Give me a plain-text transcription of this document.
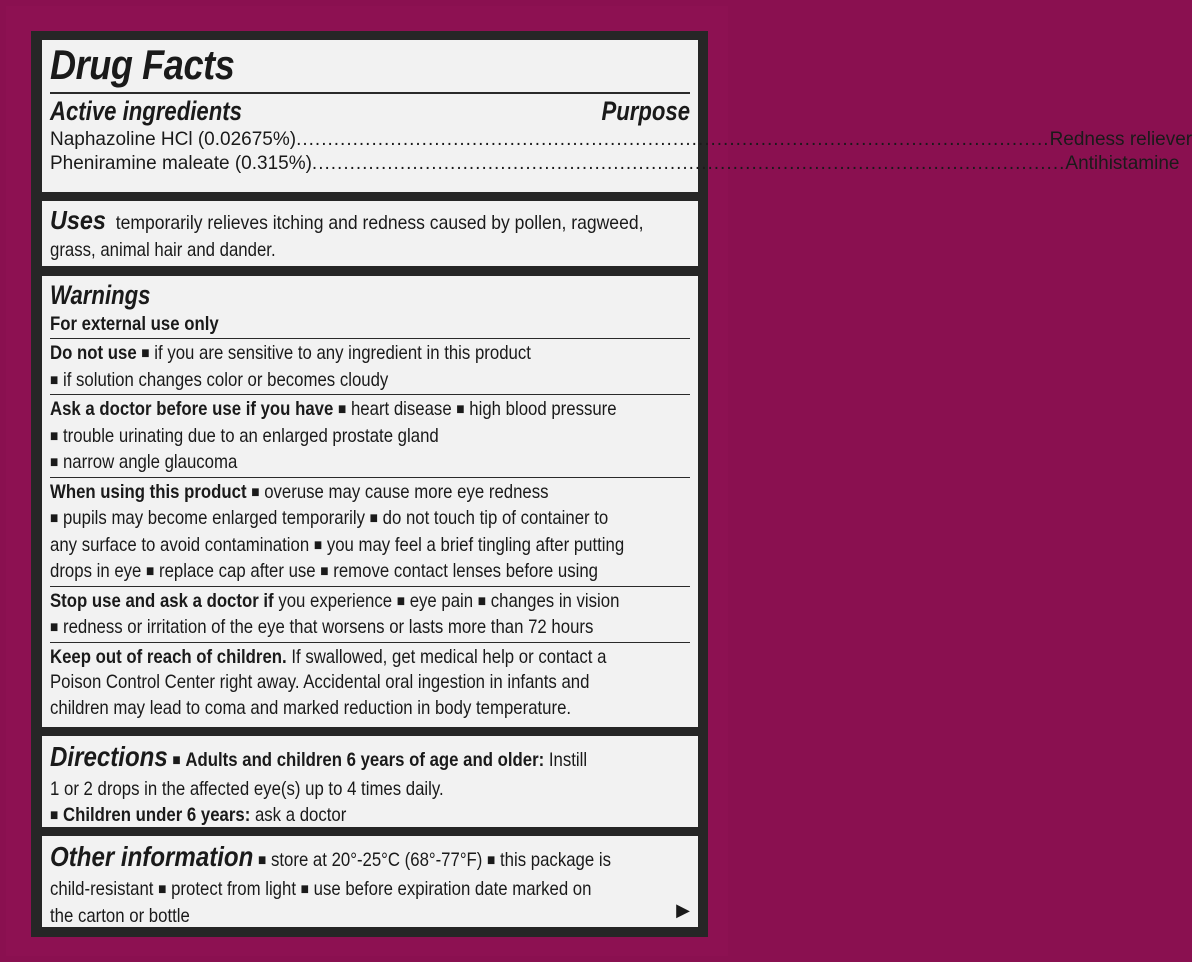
Drug Facts
Active ingredients	Purpose
Naphazoline HCl (0.02675%) ........................................................................................................................ Redness reliever
Pheniramine maleate (0.315%) ........................................................................................................................ Antihistamine
Uses temporarily relieves itching and redness caused by pollen, ragweed,
grass, animal hair and dander.
Warnings
For external use only
Do not use ■ if you are sensitive to any ingredient in this product
■ if solution changes color or becomes cloudy
Ask a doctor before use if you have ■ heart disease ■ high blood pressure
■ trouble urinating due to an enlarged prostate gland
■ narrow angle glaucoma
When using this product ■ overuse may cause more eye redness
■ pupils may become enlarged temporarily ■ do not touch tip of container to
any surface to avoid contamination ■ you may feel a brief tingling after putting
drops in eye ■ replace cap after use ■ remove contact lenses before using
Stop use and ask a doctor if you experience ■ eye pain ■ changes in vision
■ redness or irritation of the eye that worsens or lasts more than 72 hours
Keep out of reach of children. If swallowed, get medical help or contact a
Poison Control Center right away. Accidental oral ingestion in infants and
children may lead to coma and marked reduction in body temperature.
Directions ■ Adults and children 6 years of age and older: Instill
1 or 2 drops in the affected eye(s) up to 4 times daily.
■ Children under 6 years: ask a doctor
Other information ■ store at 20°-25°C (68°-77°F) ■ this package is
child-resistant ■ protect from light ■ use before expiration date marked on
the carton or bottle	▶
